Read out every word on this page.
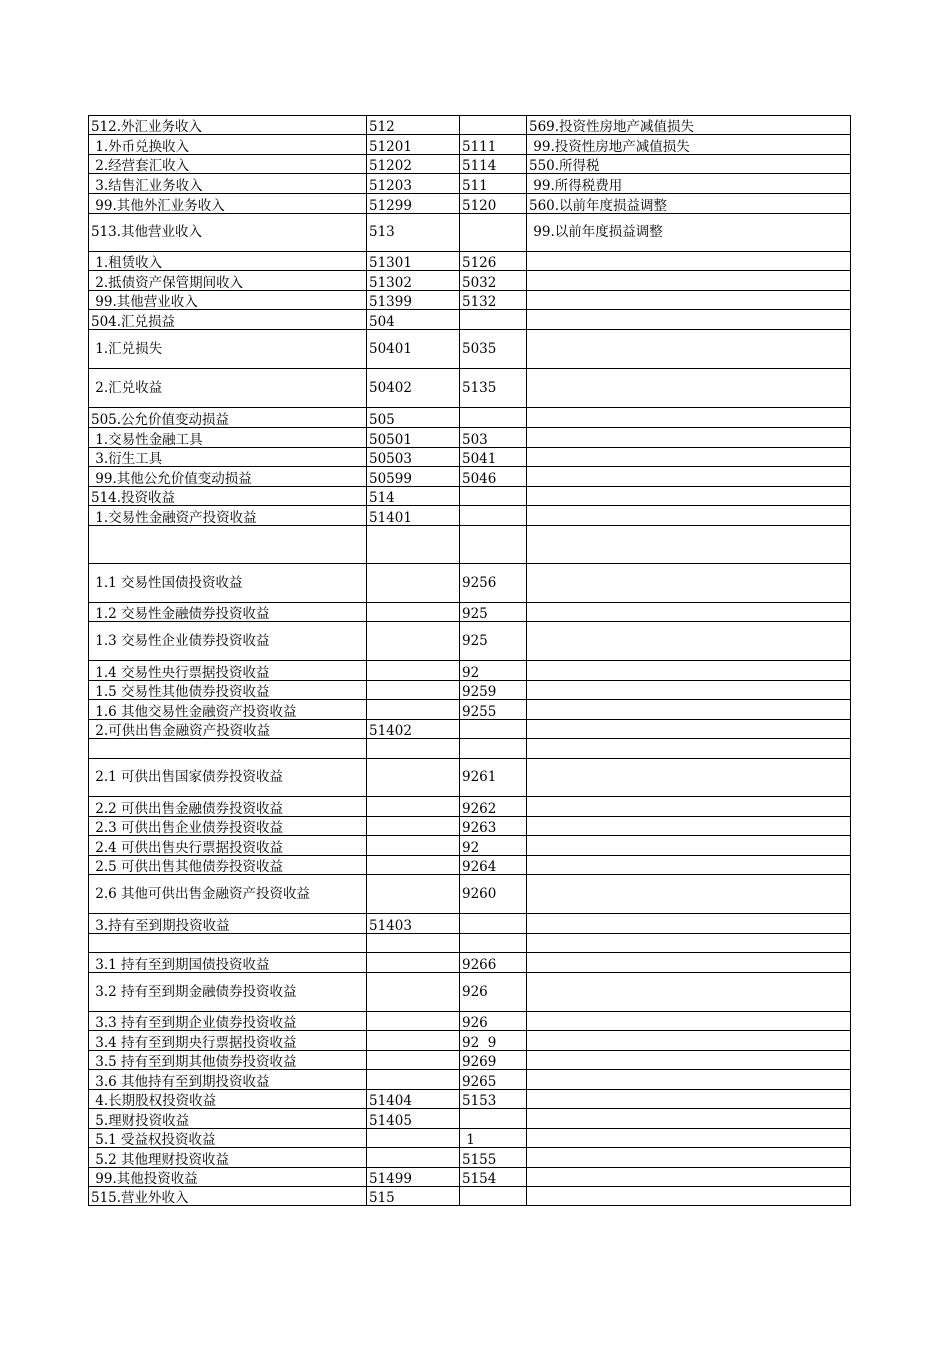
512.外汇业务收入	512		569.投资性房地产减值损失
1.外币兑换收入	51201	5111	99.投资性房地产减值损失
2.经营套汇收入	51202	5114	550.所得税
3.结售汇业务收入	51203	511	99.所得税费用
99.其他外汇业务收入	51299	5120	560.以前年度损益调整
513.其他营业收入	513		99.以前年度损益调整
1.租赁收入	51301	5126	
2.抵债资产保管期间收入	51302	5032	
99.其他营业收入	51399	5132	
504.汇兑损益	504		
1.汇兑损失	50401	5035	
2.汇兑收益	50402	5135	
505.公允价值变动损益	505		
1.交易性金融工具	50501	503	
3.衍生工具	50503	5041	
99.其他公允价值变动损益	50599	5046	
514.投资收益	514		
1.交易性金融资产投资收益	51401		

1.1 交易性国债投资收益		9256	
1.2 交易性金融债券投资收益		925	
1.3 交易性企业债券投资收益		925	
1.4 交易性央行票据投资收益		92	
1.5 交易性其他债券投资收益		9259	
1.6 其他交易性金融资产投资收益		9255	
2.可供出售金融资产投资收益	51402		

2.1 可供出售国家债券投资收益		9261	
2.2 可供出售金融债券投资收益		9262	
2.3 可供出售企业债券投资收益		9263	
2.4 可供出售央行票据投资收益		92	
2.5 可供出售其他债券投资收益		9264	
2.6 其他可供出售金融资产投资收益		9260	
3.持有至到期投资收益	51403		

3.1 持有至到期国债投资收益		9266	
3.2 持有至到期金融债券投资收益		926	
3.3 持有至到期企业债券投资收益		926	
3.4 持有至到期央行票据投资收益		92  9	
3.5 持有至到期其他债券投资收益		9269	
3.6 其他持有至到期投资收益		9265	
4.长期股权投资收益	51404	5153	
5.理财投资收益	51405		
5.1 受益权投资收益		1	
5.2 其他理财投资收益		5155	
99.其他投资收益	51499	5154	
515.营业外收入	515		
